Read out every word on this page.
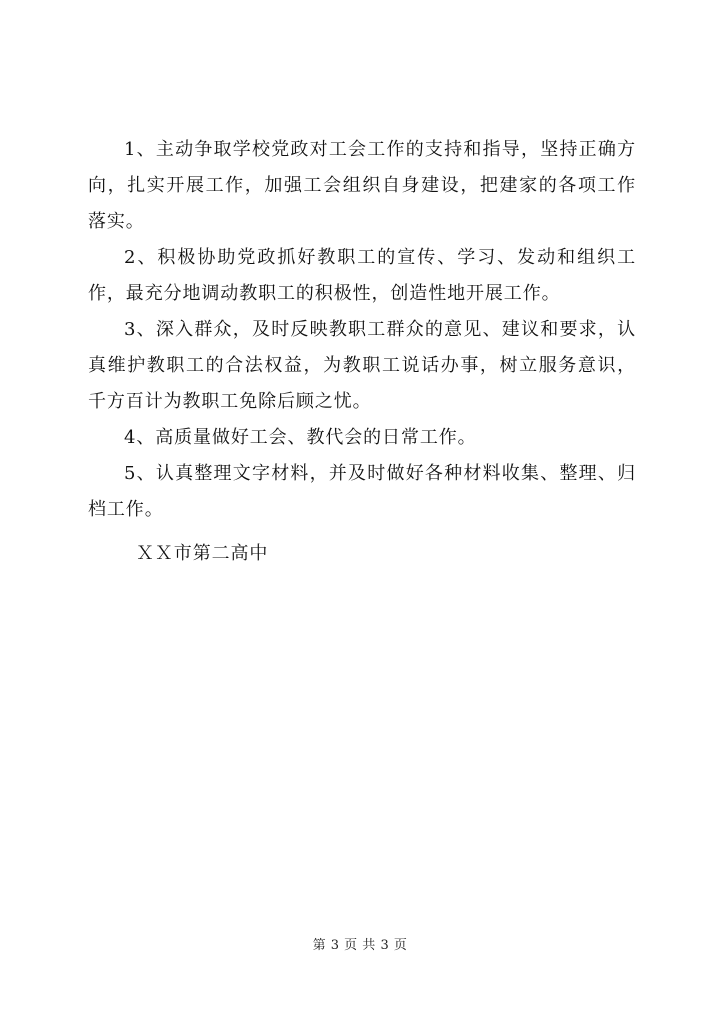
1、主动争取学校党政对工会工作的支持和指导，坚持正确方向，扎实开展工作，加强工会组织自身建设，把建家的各项工作落实。

2、积极协助党政抓好教职工的宣传、学习、发动和组织工作，最充分地调动教职工的积极性，创造性地开展工作。

3、深入群众，及时反映教职工群众的意见、建议和要求，认真维护教职工的合法权益，为教职工说话办事，树立服务意识，千方百计为教职工免除后顾之忧。

4、高质量做好工会、教代会的日常工作。

5、认真整理文字材料，并及时做好各种材料收集、整理、归档工作。

ＸＸ市第二高中
第 3 页 共 3 页
